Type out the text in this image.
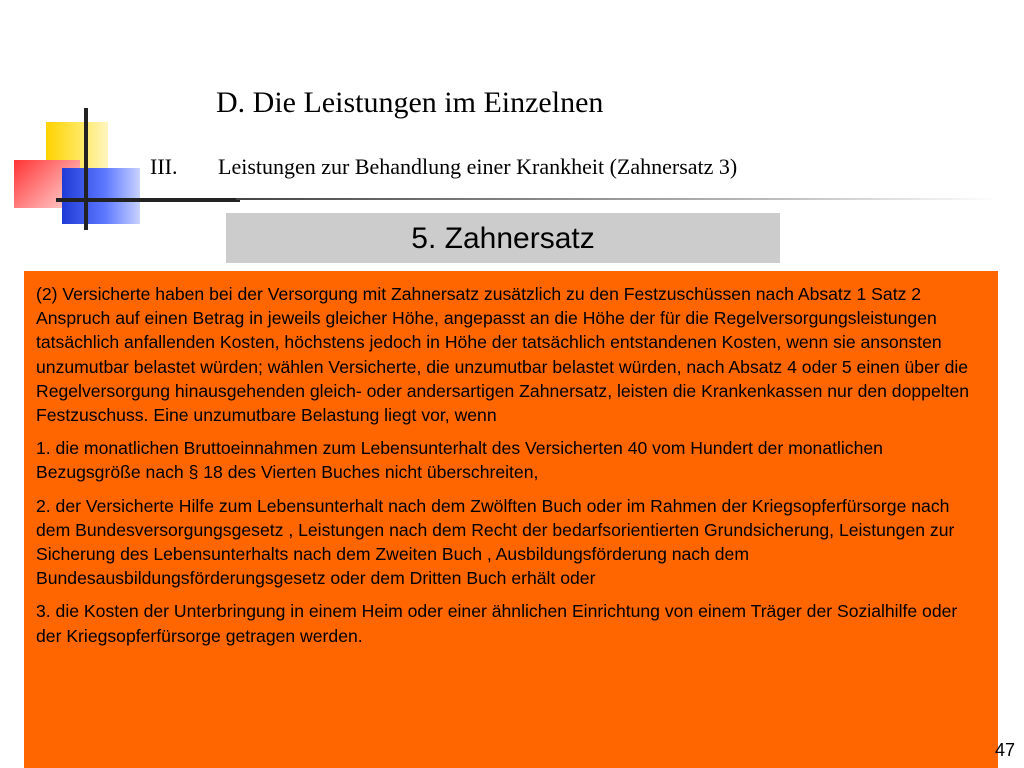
D. Die Leistungen im Einzelnen
III. Leistungen zur Behandlung einer Krankheit (Zahnersatz 3)
5. Zahnersatz

(2) Versicherte haben bei der Versorgung mit Zahnersatz zusätzlich zu den Festzuschüssen nach Absatz 1 Satz 2 Anspruch auf einen Betrag in jeweils gleicher Höhe, angepasst an die Höhe der für die Regelversorgungsleistungen tatsächlich anfallenden Kosten, höchstens jedoch in Höhe der tatsächlich entstandenen Kosten, wenn sie ansonsten unzumutbar belastet würden; wählen Versicherte, die unzumutbar belastet würden, nach Absatz 4 oder 5 einen über die Regelversorgung hinausgehenden gleich- oder andersartigen Zahnersatz, leisten die Krankenkassen nur den doppelten Festzuschuss. Eine unzumutbare Belastung liegt vor, wenn

1. die monatlichen Bruttoeinnahmen zum Lebensunterhalt des Versicherten 40 vom Hundert der monatlichen Bezugsgröße nach § 18 des Vierten Buches nicht überschreiten,

2. der Versicherte Hilfe zum Lebensunterhalt nach dem Zwölften Buch oder im Rahmen der Kriegsopferfürsorge nach dem Bundesversorgungsgesetz , Leistungen nach dem Recht der bedarfsorientierten Grundsicherung, Leistungen zur Sicherung des Lebensunterhalts nach dem Zweiten Buch , Ausbildungsförderung nach dem Bundesausbildungsförderungsgesetz oder dem Dritten Buch erhält oder

3. die Kosten der Unterbringung in einem Heim oder einer ähnlichen Einrichtung von einem Träger der Sozialhilfe oder der Kriegsopferfürsorge getragen werden.

47
